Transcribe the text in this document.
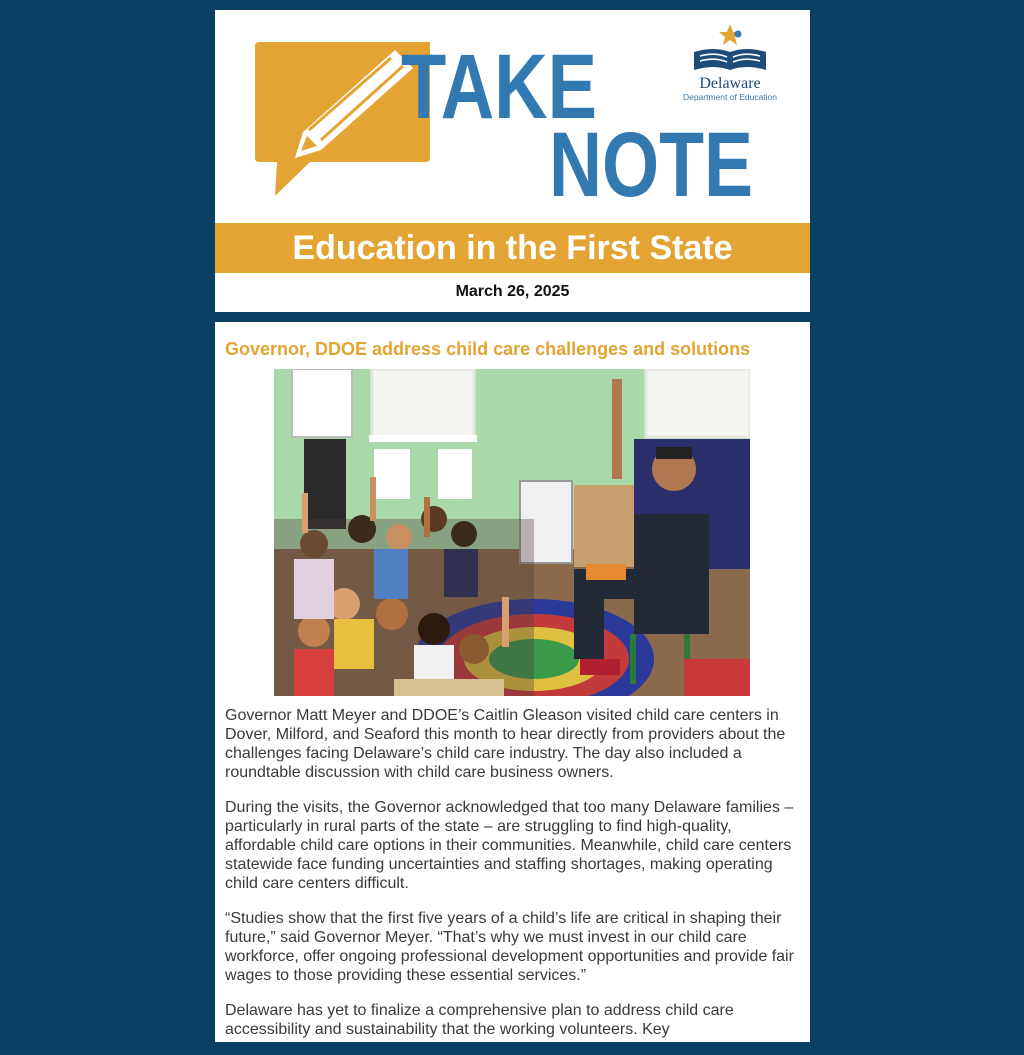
TAKE
NOTE
Delaware
Department of Education
Education in the First State
March 26, 2025
Governor, DDOE address child care challenges and solutions

Governor Matt Meyer and DDOE’s Caitlin Gleason visited child care centers in Dover, Milford, and Seaford this month to hear directly from providers about the challenges facing Delaware’s child care industry. The day also included a roundtable discussion with child care business owners.

During the visits, the Governor acknowledged that too many Delaware families – particularly in rural parts of the state – are struggling to find high-quality, affordable child care options in their communities. Meanwhile, child care centers statewide face funding uncertainties and staffing shortages, making operating child care centers difficult.

“Studies show that the first five years of a child’s life are critical in shaping their future,” said Governor Meyer. “That’s why we must invest in our child care workforce, offer ongoing professional development opportunities and provide fair wages to those providing these essential services.”

Delaware has yet to finalize a comprehensive plan to address child care accessibility and sustainability that the working volunteers. Key
